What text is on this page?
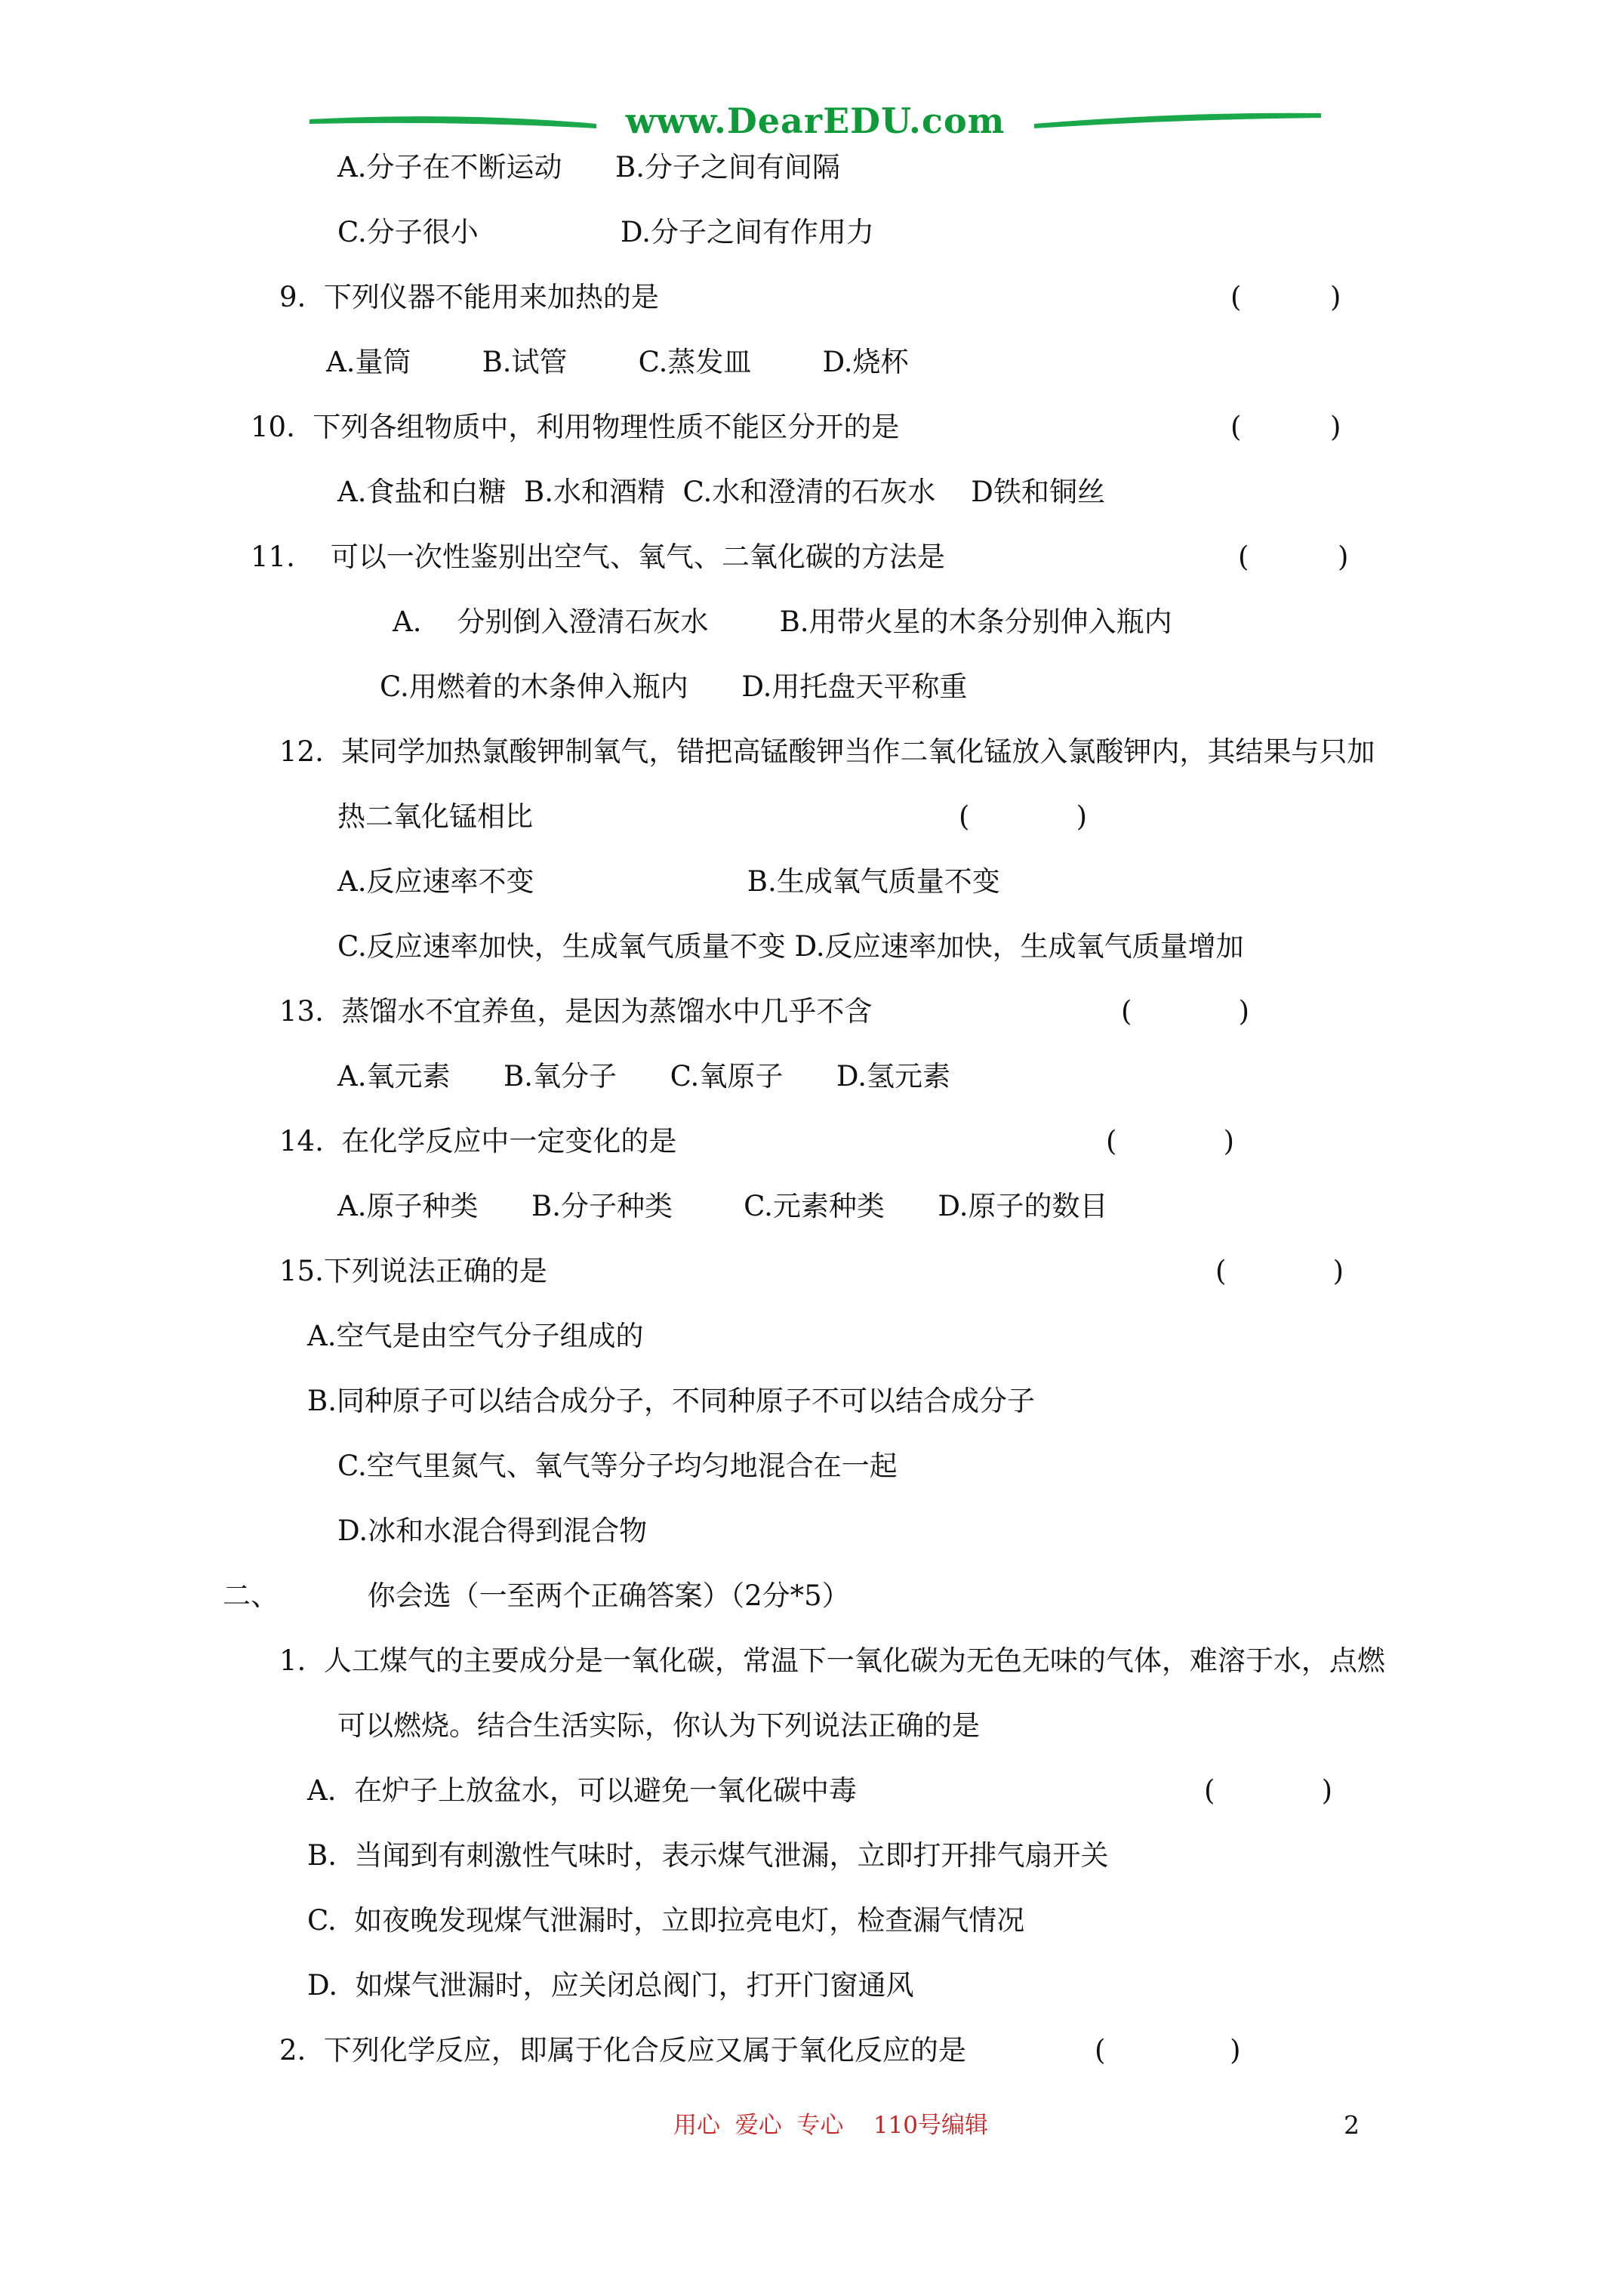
www.DearEDU.com
A.分子在不断运动      B.分子之间有间隔
C.分子很小                D.分子之间有作用力
9.  下列仪器不能用来加热的是	(          )
A.量筒        B.试管        C.蒸发皿        D.烧杯
10.  下列各组物质中，利用物理性质不能区分开的是	(          )
A.食盐和白糖  B.水和酒精  C.水和澄清的石灰水    D铁和铜丝
11.    可以一次性鉴别出空气、氧气、二氧化碳的方法是	(          )
A.    分别倒入澄清石灰水        B.用带火星的木条分别伸入瓶内
C.用燃着的木条伸入瓶内      D.用托盘天平称重
12.  某同学加热氯酸钾制氧气，错把高锰酸钾当作二氧化锰放入氯酸钾内，其结果与只加
热二氧化锰相比	(            )
A.反应速率不变                        B.生成氧气质量不变
C.反应速率加快，生成氧气质量不变 D.反应速率加快，生成氧气质量增加
13.  蒸馏水不宜养鱼，是因为蒸馏水中几乎不含	(            )
A.氧元素      B.氧分子      C.氧原子      D.氢元素
14.  在化学反应中一定变化的是	(            )
A.原子种类      B.分子种类        C.元素种类      D.原子的数目
15.下列说法正确的是	(            )
A.空气是由空气分子组成的
B.同种原子可以结合成分子，不同种原子不可以结合成分子
C.空气里氮气、氧气等分子均匀地混合在一起
D.冰和水混合得到混合物
二、          你会选（一至两个正确答案）（2分*5）
1.  人工煤气的主要成分是一氧化碳，常温下一氧化碳为无色无味的气体，难溶于水，点燃
可以燃烧。结合生活实际，你认为下列说法正确的是
A.  在炉子上放盆水，可以避免一氧化碳中毒	(            )
B.  当闻到有刺激性气味时，表示煤气泄漏，立即打开排气扇开关
C.  如夜晚发现煤气泄漏时，立即拉亮电灯，检查漏气情况
D.  如煤气泄漏时，应关闭总阀门，打开门窗通风
2.  下列化学反应，即属于化合反应又属于氧化反应的是	(              )
用心  爱心  专心    110号编辑	2
